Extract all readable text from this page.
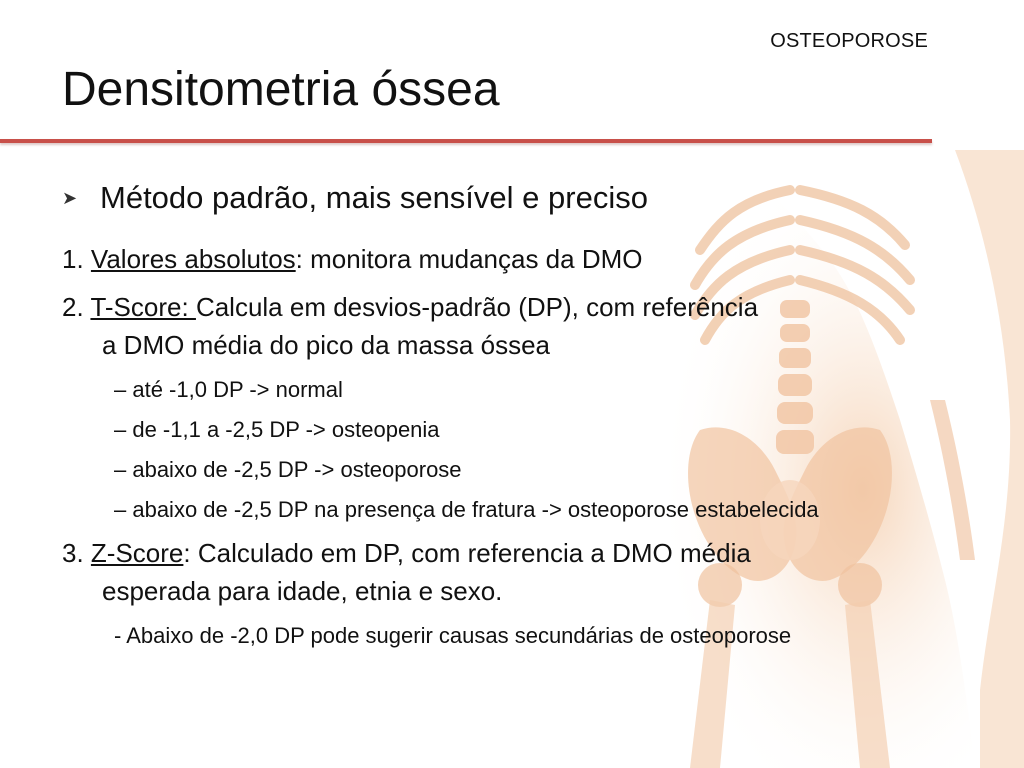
OSTEOPOROSE
Densitometria óssea
➤ Método padrão, mais sensível e preciso
1. Valores absolutos: monitora mudanças da DMO
2. T-Score: Calcula em desvios-padrão (DP), com referência
a DMO média do pico da massa óssea
– até -1,0 DP -> normal
– de -1,1 a -2,5 DP -> osteopenia
– abaixo de -2,5 DP -> osteoporose
– abaixo de -2,5 DP na presença de fratura -> osteoporose estabelecida
3. Z-Score: Calculado em DP, com referencia a DMO média
esperada para idade, etnia e sexo.
- Abaixo de -2,0 DP pode sugerir causas secundárias de osteoporose
